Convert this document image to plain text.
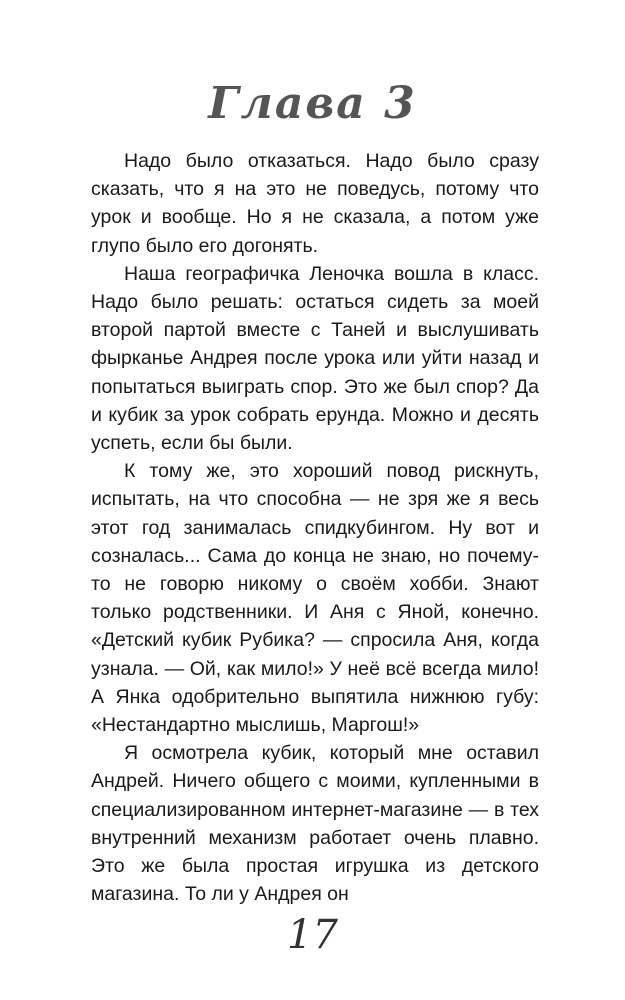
Глава 3

Надо было отказаться. Надо было сразу сказать, что я на это не поведусь, потому что урок и вообще. Но я не сказала, а потом уже глупо было его догонять.

Наша географичка Леночка вошла в класс. Надо было решать: остаться сидеть за моей второй партой вместе с Таней и выслушивать фырканье Андрея после урока или уйти назад и попытаться выиграть спор. Это же был спор? Да и кубик за урок собрать ерунда. Можно и десять успеть, если бы были.

К тому же, это хороший повод рискнуть, испытать, на что способна — не зря же я весь этот год занималась спидкубингом. Ну вот и созналась... Сама до конца не знаю, но почему-то не говорю никому о своём хобби. Знают только родственники. И Аня с Яной, конечно. «Детский кубик Рубика? — спросила Аня, когда узнала. — Ой, как мило!» У неё всё всегда мило! А Янка одобрительно выпятила нижнюю губу: «Нестандартно мыслишь, Маргош!»

Я осмотрела кубик, который мне оставил Андрей. Ничего общего с моими, купленными в специализированном интернет-магазине — в тех внутренний механизм работает очень плавно. Это же была простая игрушка из детского магазина. То ли у Андрея он

17
